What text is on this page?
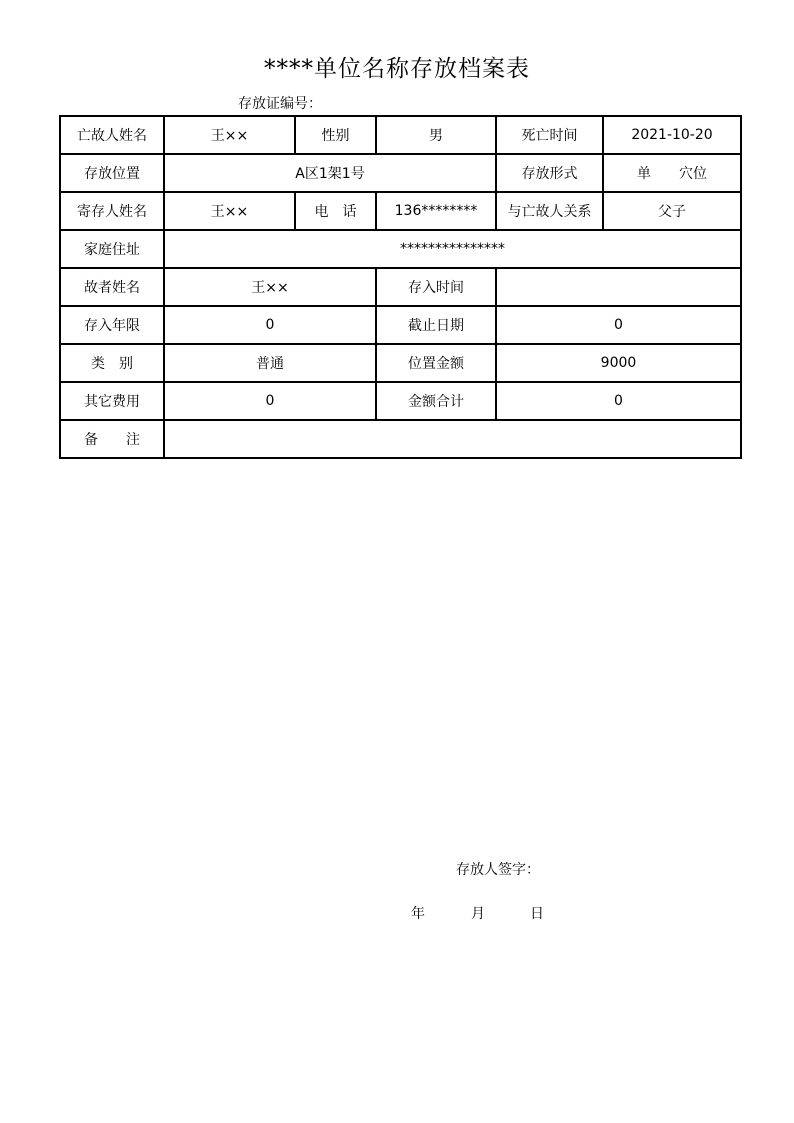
****单位名称存放档案表
存放证编号：
亡故人姓名	王××	性别	男	死亡时间	2021-10-20
存放位置	A区1架1号			存放形式	单　　穴位
寄存人姓名	王××	电　话	136********	与亡故人关系	父子
家庭住址	***************				
故者姓名	王××		存入时间		
存入年限	0		截止日期	0	
类　别	普通		位置金额	9000	
其它费用	0		金额合计	0	
备　　注					
存放人签字：
年	月	日
